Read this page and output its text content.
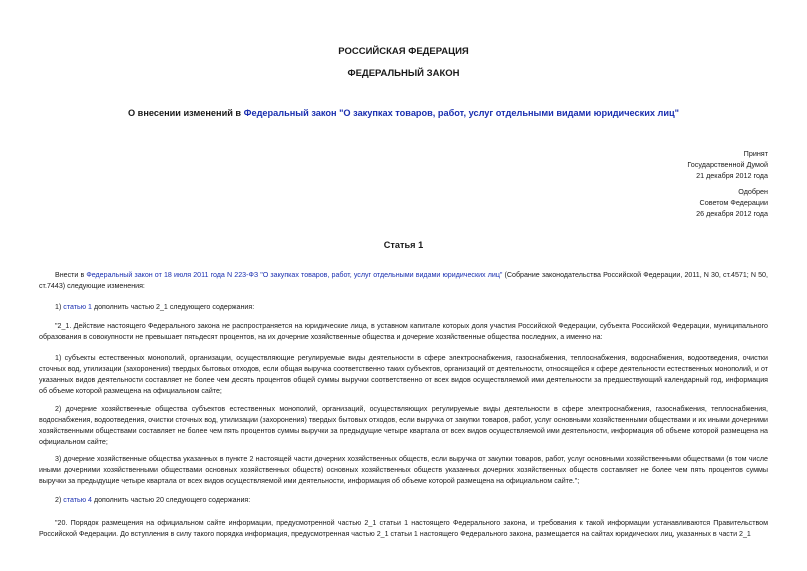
РОССИЙСКАЯ ФЕДЕРАЦИЯ
ФЕДЕРАЛЬНЫЙ ЗАКОН
О внесении изменений в Федеральный закон "О закупках товаров, работ, услуг отдельными видами юридических лиц"
Принят
Государственной Думой
21 декабря 2012 года
Одобрен
Советом Федерации
26 декабря 2012 года
Статья 1
Внести в Федеральный закон от 18 июля 2011 года N 223-ФЗ "О закупках товаров, работ, услуг отдельными видами юридических лиц" (Собрание законодательства Российской Федерации, 2011, N 30, ст.4571; N 50, ст.7443) следующие изменения:
1) статью 1 дополнить частью 2_1 следующего содержания:
"2_1. Действие настоящего Федерального закона не распространяется на юридические лица, в уставном капитале которых доля участия Российской Федерации, субъекта Российской Федерации, муниципального образования в совокупности не превышает пятьдесят процентов, на их дочерние хозяйственные общества и дочерние хозяйственные общества последних, а именно на:
1) субъекты естественных монополий, организации, осуществляющие регулируемые виды деятельности в сфере электроснабжения, газоснабжения, теплоснабжения, водоснабжения, водоотведения, очистки сточных вод, утилизации (захоронения) твердых бытовых отходов, если общая выручка соответственно таких субъектов, организаций от деятельности, относящейся к сфере деятельности естественных монополий, и от указанных видов деятельности составляет не более чем десять процентов общей суммы выручки соответственно от всех видов осуществляемой ими деятельности за предшествующий календарный год, информация об объеме которой размещена на официальном сайте;
2) дочерние хозяйственные общества субъектов естественных монополий, организаций, осуществляющих регулируемые виды деятельности в сфере электроснабжения, газоснабжения, теплоснабжения, водоснабжения, водоотведения, очистки сточных вод, утилизации (захоронения) твердых бытовых отходов, если выручка от закупки товаров, работ, услуг основными хозяйственными обществами и их иными дочерними хозяйственными обществами составляет не более чем пять процентов суммы выручки за предыдущие четыре квартала от всех видов осуществляемой ими деятельности, информация об объеме которой размещена на официальном сайте;
3) дочерние хозяйственные общества указанных в пункте 2 настоящей части дочерних хозяйственных обществ, если выручка от закупки товаров, работ, услуг основными хозяйственными обществами (в том числе иными дочерними хозяйственными обществами основных хозяйственных обществ) основных хозяйственных обществ указанных дочерних хозяйственных обществ составляет не более чем пять процентов суммы выручки за предыдущие четыре квартала от всех видов осуществляемой ими деятельности, информация об объеме которой размещена на официальном сайте.";
2) статью 4 дополнить частью 20 следующего содержания:
"20. Порядок размещения на официальном сайте информации, предусмотренной частью 2_1 статьи 1 настоящего Федерального закона, и требования к такой информации устанавливаются Правительством Российской Федерации. До вступления в силу такого порядка информация, предусмотренная частью 2_1 статьи 1 настоящего Федерального закона, размещается на сайтах юридических лиц, указанных в части 2_1
